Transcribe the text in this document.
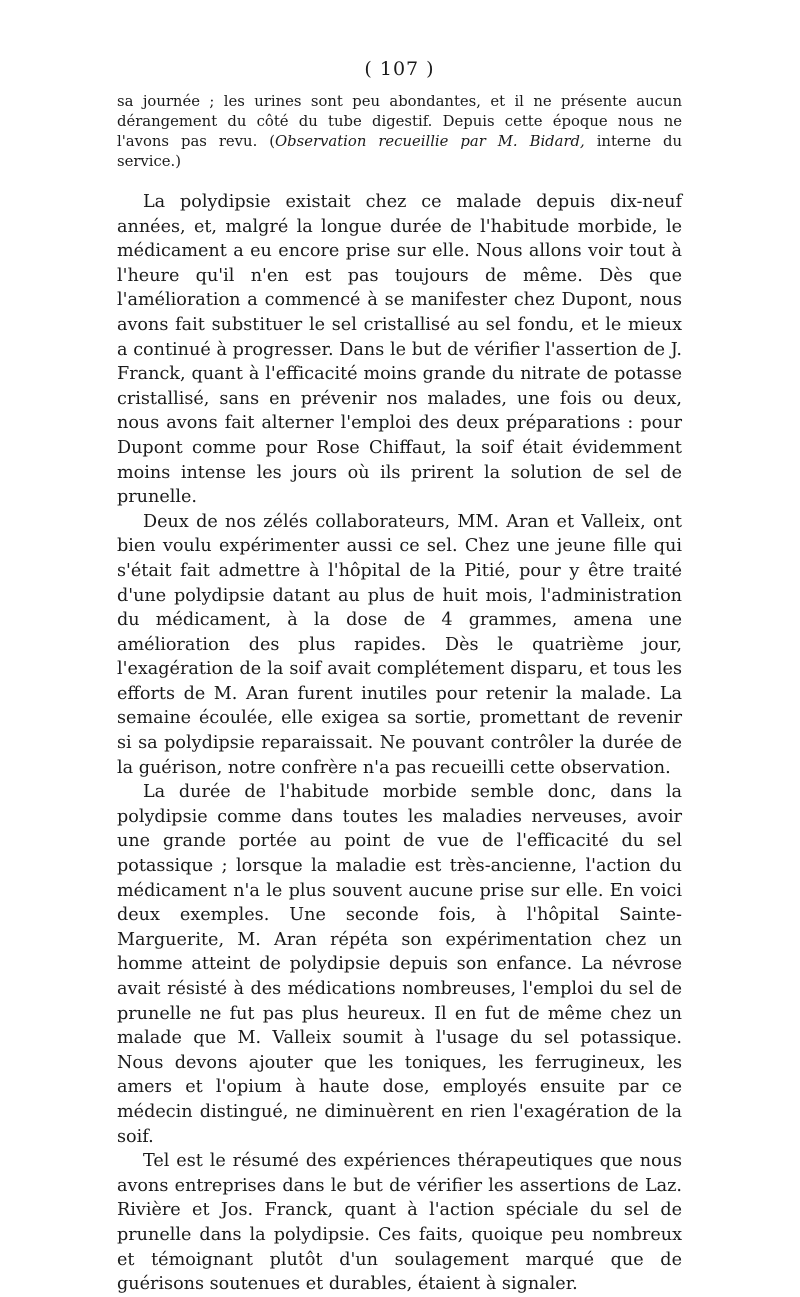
( 107 )

sa journée ; les urines sont peu abondantes, et il ne présente aucun dérangement du côté du tube digestif. Depuis cette époque nous ne l'avons pas revu. (Observation recueillie par M. Bidard, interne du service.)

La polydipsie existait chez ce malade depuis dix-neuf années, et, malgré la longue durée de l'habitude morbide, le médicament a eu encore prise sur elle. Nous allons voir tout à l'heure qu'il n'en est pas toujours de même. Dès que l'amélioration a commencé à se manifester chez Dupont, nous avons fait substituer le sel cristallisé au sel fondu, et le mieux a continué à progresser. Dans le but de vérifier l'assertion de J. Franck, quant à l'efficacité moins grande du nitrate de potasse cristallisé, sans en prévenir nos malades, une fois ou deux, nous avons fait alterner l'emploi des deux préparations : pour Dupont comme pour Rose Chiffaut, la soif était évidemment moins intense les jours où ils prirent la solution de sel de prunelle.

Deux de nos zélés collaborateurs, MM. Aran et Valleix, ont bien voulu expérimenter aussi ce sel. Chez une jeune fille qui s'était fait admettre à l'hôpital de la Pitié, pour y être traité d'une polydipsie datant au plus de huit mois, l'administration du médicament, à la dose de 4 grammes, amena une amélioration des plus rapides. Dès le quatrième jour, l'exagération de la soif avait complétement disparu, et tous les efforts de M. Aran furent inutiles pour retenir la malade. La semaine écoulée, elle exigea sa sortie, promettant de revenir si sa polydipsie reparaissait. Ne pouvant contrôler la durée de la guérison, notre confrère n'a pas recueilli cette observation.

La durée de l'habitude morbide semble donc, dans la polydipsie comme dans toutes les maladies nerveuses, avoir une grande portée au point de vue de l'efficacité du sel potassique ; lorsque la maladie est très-ancienne, l'action du médicament n'a le plus souvent aucune prise sur elle. En voici deux exemples. Une seconde fois, à l'hôpital Sainte-Marguerite, M. Aran répéta son expérimentation chez un homme atteint de polydipsie depuis son enfance. La névrose avait résisté à des médications nombreuses, l'emploi du sel de prunelle ne fut pas plus heureux. Il en fut de même chez un malade que M. Valleix soumit à l'usage du sel potassique. Nous devons ajouter que les toniques, les ferrugineux, les amers et l'opium à haute dose, employés ensuite par ce médecin distingué, ne diminuèrent en rien l'exagération de la soif.

Tel est le résumé des expériences thérapeutiques que nous avons entreprises dans le but de vérifier les assertions de Laz. Rivière et Jos. Franck, quant à l'action spéciale du sel de prunelle dans la polydipsie. Ces faits, quoique peu nombreux et témoignant plutôt d'un soulagement marqué que de guérisons soutenues et durables, étaient à signaler.
